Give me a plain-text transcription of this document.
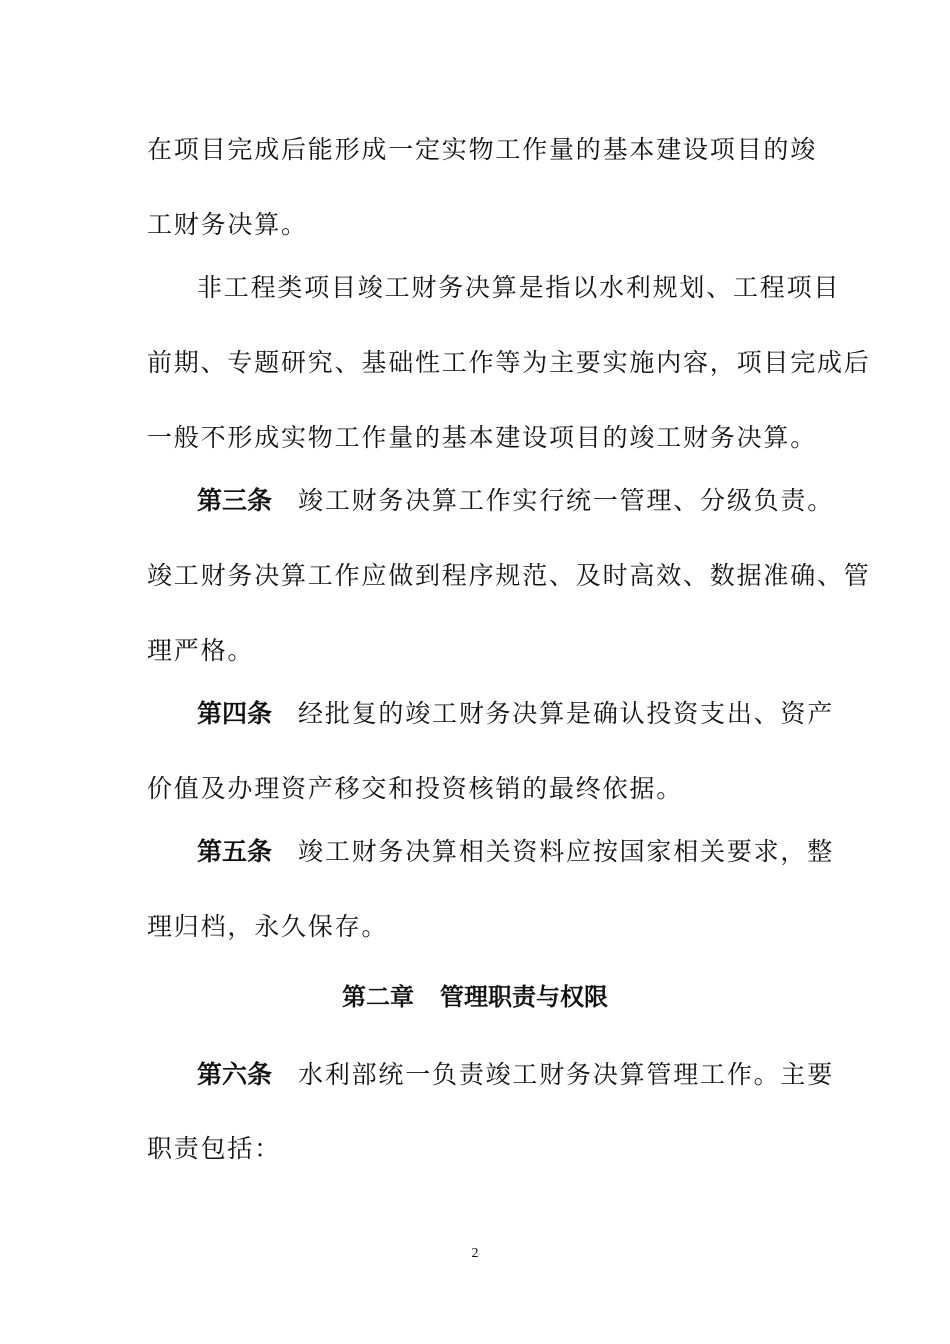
在项目完成后能形成一定实物工作量的基本建设项目的竣
工财务决算。
非工程类项目竣工财务决算是指以水利规划、工程项目
前期、专题研究、基础性工作等为主要实施内容，项目完成后
一般不形成实物工作量的基本建设项目的竣工财务决算。
第三条 竣工财务决算工作实行统一管理、分级负责。
竣工财务决算工作应做到程序规范、及时高效、数据准确、管
理严格。
第四条 经批复的竣工财务决算是确认投资支出、资产
价值及办理资产移交和投资核销的最终依据。
第五条 竣工财务决算相关资料应按国家相关要求，整
理归档，永久保存。
第二章 管理职责与权限
第六条 水利部统一负责竣工财务决算管理工作。主要
职责包括：
2
